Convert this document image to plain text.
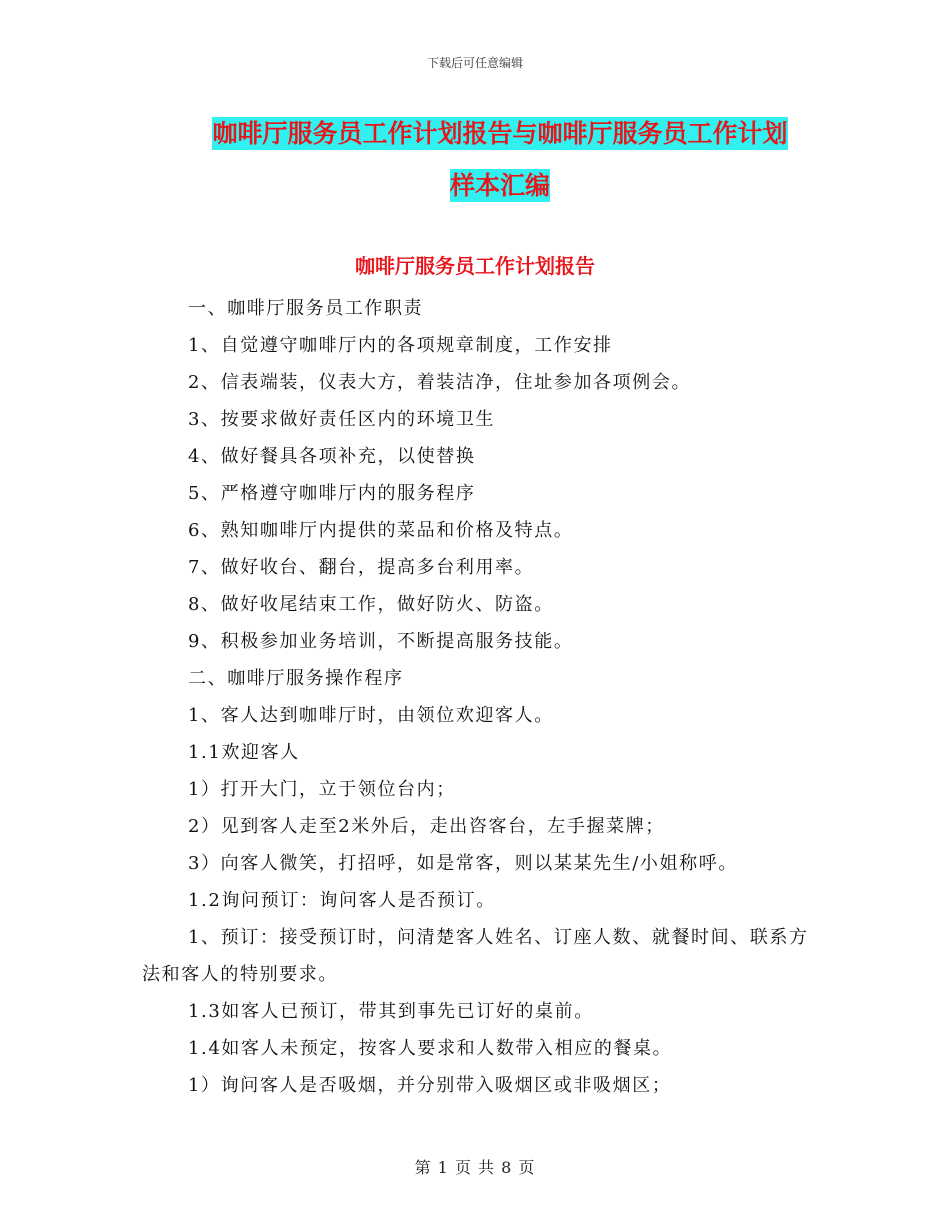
下载后可任意编辑
咖啡厅服务员工作计划报告与咖啡厅服务员工作计划
样本汇编
咖啡厅服务员工作计划报告

一、咖啡厅服务员工作职责

1、自觉遵守咖啡厅内的各项规章制度，工作安排

2、信表端装，仪表大方，着装洁净，住址参加各项例会。

3、按要求做好责任区内的环境卫生

4、做好餐具各项补充，以使替换

5、严格遵守咖啡厅内的服务程序

6、熟知咖啡厅内提供的菜品和价格及特点。

7、做好收台、翻台，提高多台利用率。

8、做好收尾结束工作，做好防火、防盗。

9、积极参加业务培训，不断提高服务技能。

二、咖啡厅服务操作程序

1、客人达到咖啡厅时，由领位欢迎客人。

1.1欢迎客人

1）打开大门，立于领位台内；

2）见到客人走至2米外后，走出咨客台，左手握菜牌；

3）向客人微笑，打招呼，如是常客，则以某某先生/小姐称呼。

1.2询问预订：询问客人是否预订。

1、预订：接受预订时，问清楚客人姓名、订座人数、就餐时间、联系方法和客人的特别要求。

1.3如客人已预订，带其到事先已订好的桌前。

1.4如客人未预定，按客人要求和人数带入相应的餐桌。

1）询问客人是否吸烟，并分别带入吸烟区或非吸烟区；

第 1 页 共 8 页
